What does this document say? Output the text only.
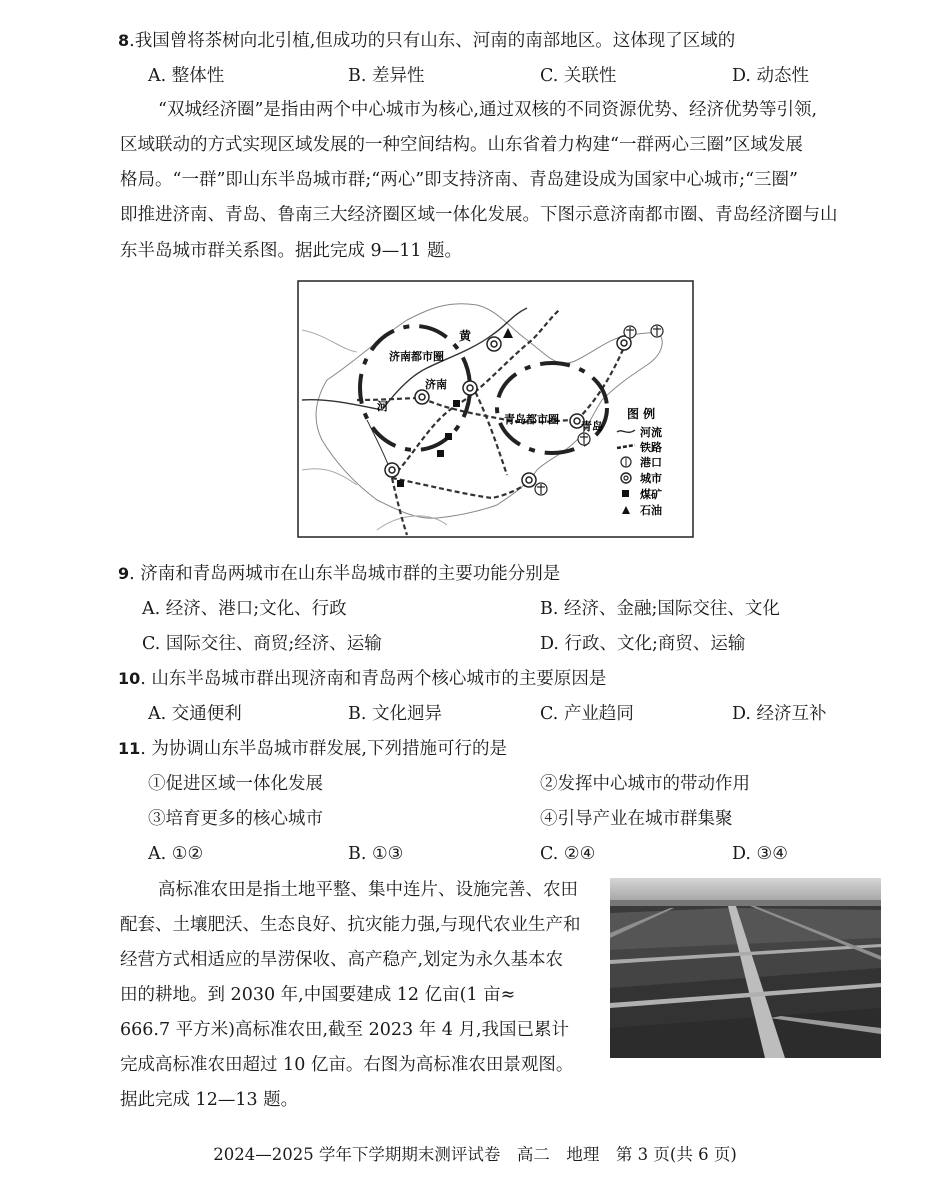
8.我国曾将茶树向北引植,但成功的只有山东、河南的南部地区。这体现了区域的
A. 整体性	B. 差异性	C. 关联性	D. 动态性
“双城经济圈”是指由两个中心城市为核心,通过双核的不同资源优势、经济优势等引领,
区域联动的方式实现区域发展的一种空间结构。山东省着力构建“一群两心三圈”区域发展
格局。“一群”即山东半岛城市群;“两心”即支持济南、青岛建设成为国家中心城市;“三圈”
即推进济南、青岛、鲁南三大经济圈区域一体化发展。下图示意济南都市圈、青岛经济圈与山
东半岛城市群关系图。据此完成 9—11 题。
黄
济南都市圈
济南
河
青岛都市圈
青岛
图 例
河流
铁路
港口
城市
煤矿
石油
9. 济南和青岛两城市在山东半岛城市群的主要功能分别是
A. 经济、港口;文化、行政	B. 经济、金融;国际交往、文化
C. 国际交往、商贸;经济、运输	D. 行政、文化;商贸、运输
10. 山东半岛城市群出现济南和青岛两个核心城市的主要原因是
A. 交通便利	B. 文化迥异	C. 产业趋同	D. 经济互补
11. 为协调山东半岛城市群发展,下列措施可行的是
①促进区域一体化发展	②发挥中心城市的带动作用
③培育更多的核心城市	④引导产业在城市群集聚
A. ①②	B. ①③	C. ②④	D. ③④
高标准农田是指土地平整、集中连片、设施完善、农田
配套、土壤肥沃、生态良好、抗灾能力强,与现代农业生产和
经营方式相适应的旱涝保收、高产稳产,划定为永久基本农
田的耕地。到 2030 年,中国要建成 12 亿亩(1 亩≈
666.7 平方米)高标准农田,截至 2023 年 4 月,我国已累计
完成高标准农田超过 10 亿亩。右图为高标准农田景观图。
据此完成 12—13 题。
2024—2025 学年下学期期末测评试卷　高二　地理　第 3 页(共 6 页)
